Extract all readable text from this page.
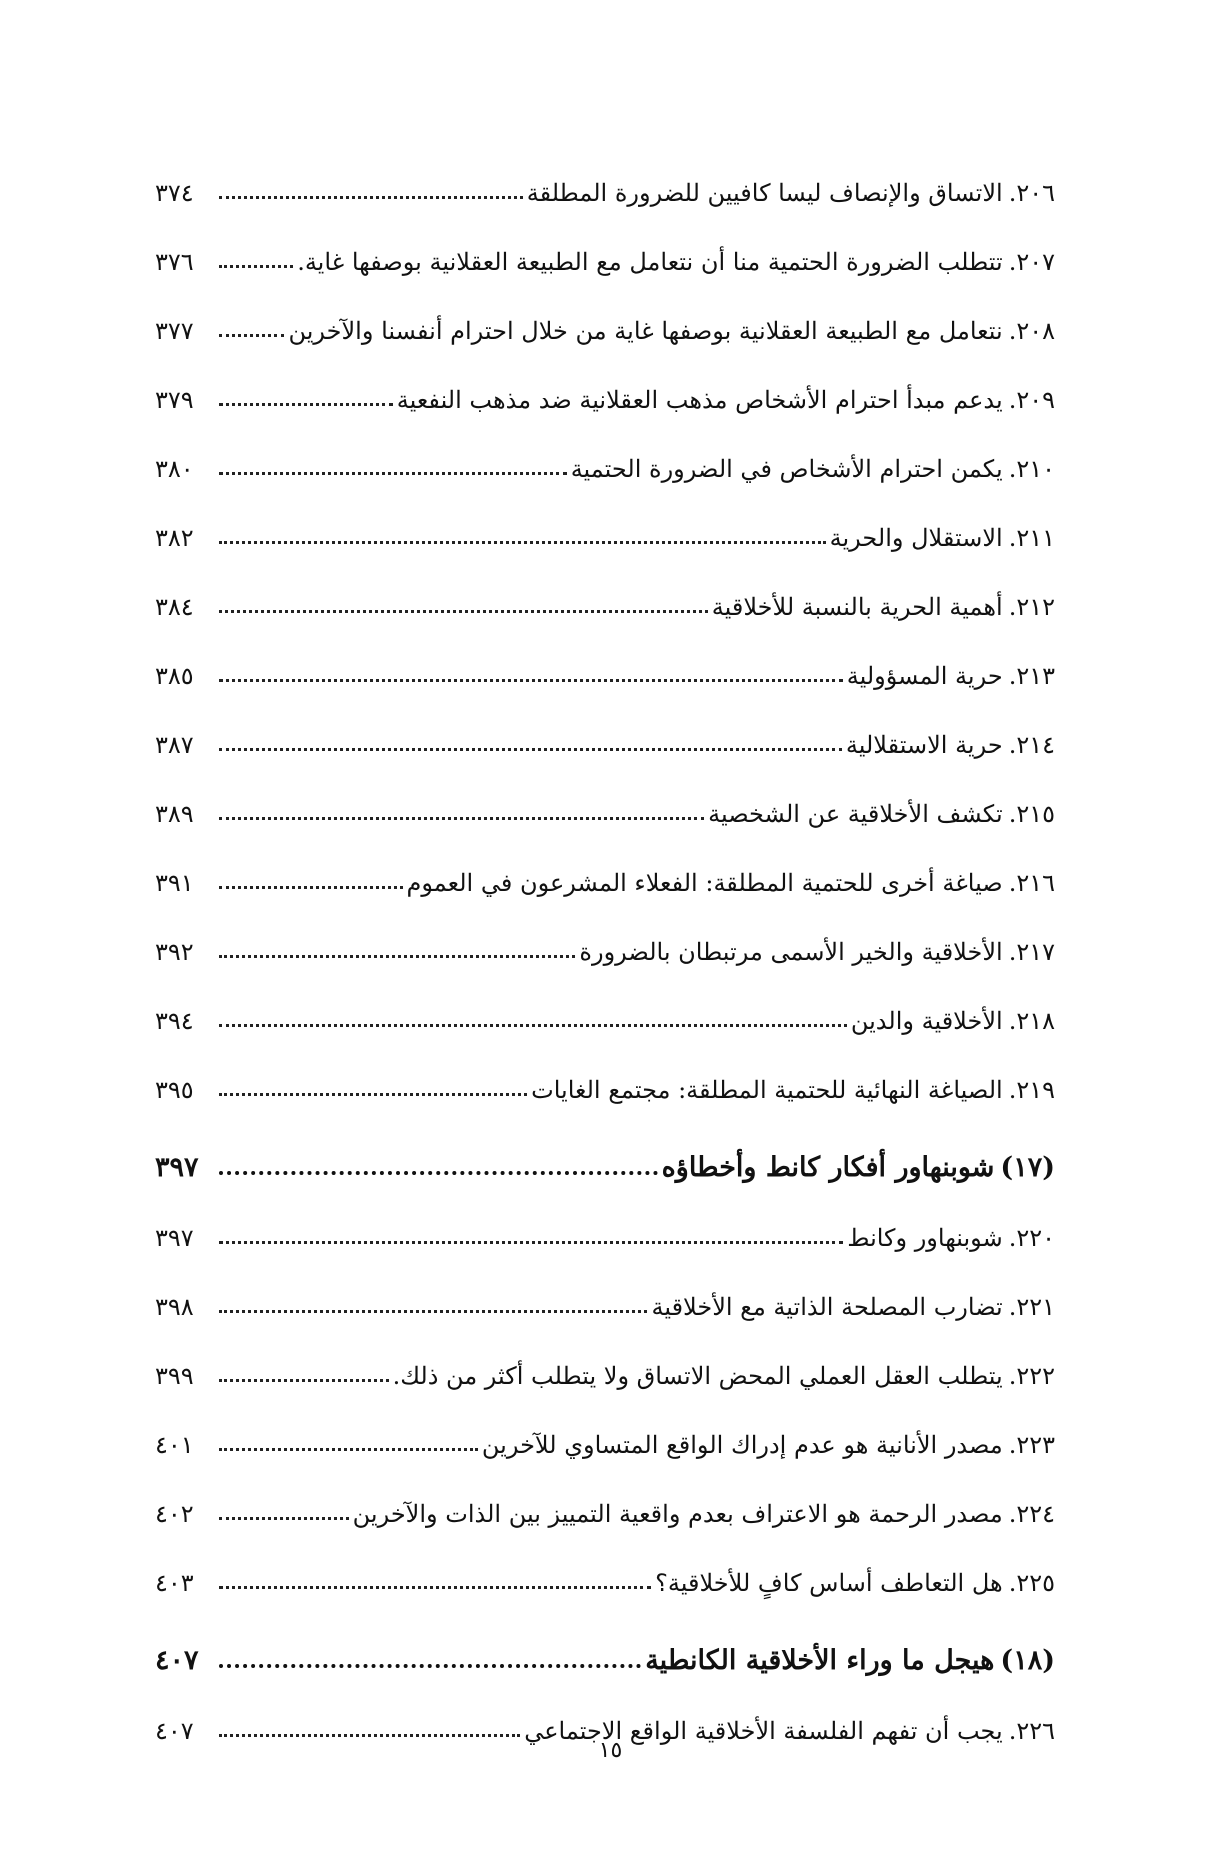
٢٠٦.
الاتساق والإنصاف ليسا كافيين للضرورة المطلقة
٣٧٤
٢٠٧.
تتطلب الضرورة الحتمية منا أن نتعامل مع الطبيعة العقلانية بوصفها غاية.
٣٧٦
٢٠٨.
نتعامل مع الطبيعة العقلانية بوصفها غاية من خلال احترام أنفسنا والآخرين
٣٧٧
٢٠٩.
يدعم مبدأ احترام الأشخاص مذهب العقلانية ضد مذهب النفعية
٣٧٩
٢١٠.
يكمن احترام الأشخاص في الضرورة الحتمية
٣٨٠
٢١١.
الاستقلال والحرية
٣٨٢
٢١٢.
أهمية الحرية بالنسبة للأخلاقية
٣٨٤
٢١٣.
حرية المسؤولية
٣٨٥
٢١٤.
حرية الاستقلالية
٣٨٧
٢١٥.
تكشف الأخلاقية عن الشخصية
٣٨٩
٢١٦.
صياغة أخرى للحتمية المطلقة: الفعلاء المشرعون في العموم
٣٩١
٢١٧.
الأخلاقية والخير الأسمى مرتبطان بالضرورة
٣٩٢
٢١٨.
الأخلاقية والدين
٣٩٤
٢١٩.
الصياغة النهائية للحتمية المطلقة: مجتمع الغايات
٣٩٥
(١٧)
شوبنهاور أفكار كانط وأخطاؤه
٣٩٧
٢٢٠.
شوبنهاور وكانط
٣٩٧
٢٢١.
تضارب المصلحة الذاتية مع الأخلاقية
٣٩٨
٢٢٢.
يتطلب العقل العملي المحض الاتساق ولا يتطلب أكثر من ذلك.
٣٩٩
٢٢٣.
مصدر الأنانية هو عدم إدراك الواقع المتساوي للآخرين
٤٠١
٢٢٤.
مصدر الرحمة هو الاعتراف بعدم واقعية التمييز بين الذات والآخرين
٤٠٢
٢٢٥.
هل التعاطف أساس كافٍ للأخلاقية؟
٤٠٣
(١٨)
هيجل ما وراء الأخلاقية الكانطية
٤٠٧
٢٢٦.
يجب أن تفهم الفلسفة الأخلاقية الواقع الاجتماعي
٤٠٧
١٥
